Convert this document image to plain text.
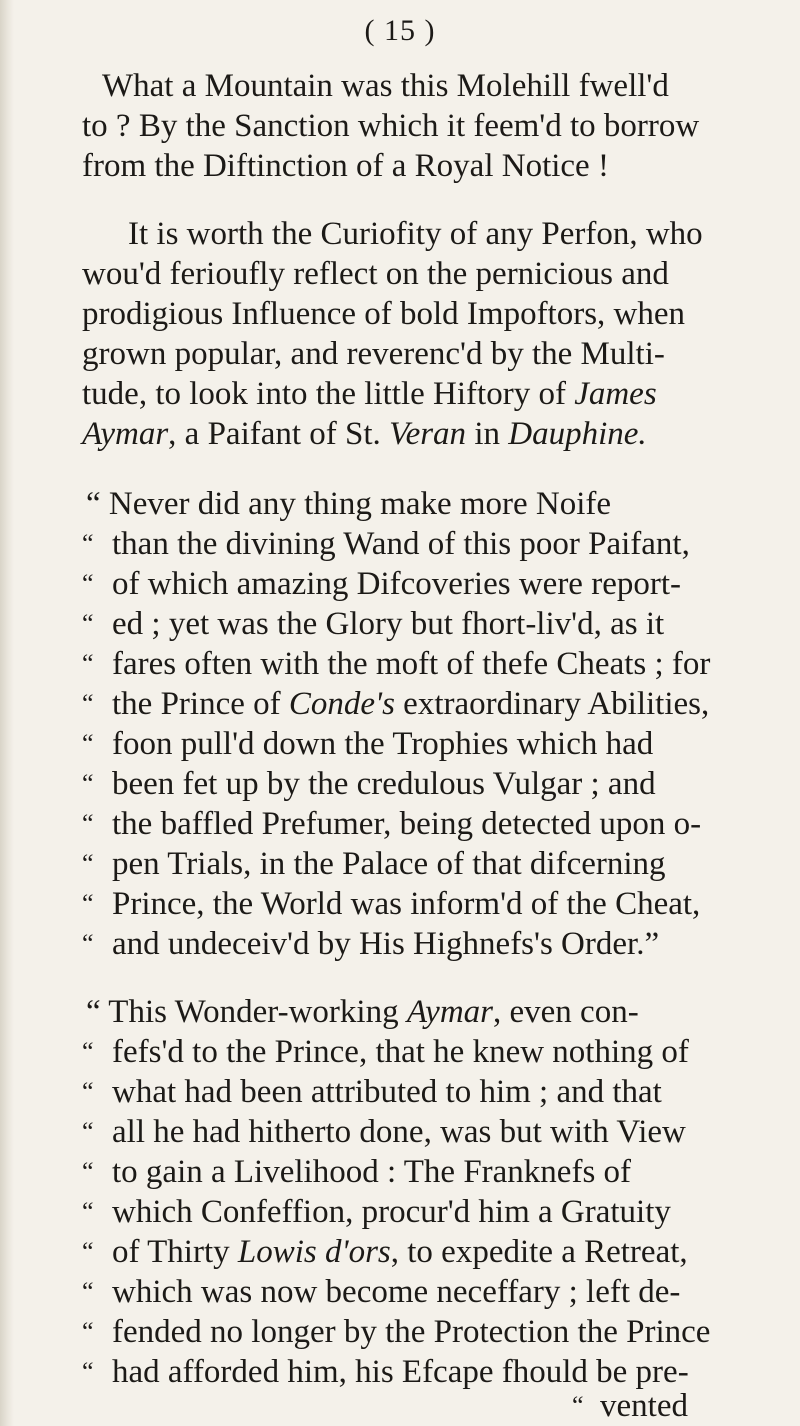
( 15 )
What a Mountain was this Molehill fwell'd
to ? By the Sanction which it feem'd to borrow
from the Diftinction of a Royal Notice !
It is worth the Curiofity of any Perfon, who
wou'd ferioufly reflect on the pernicious and
prodigious Influence of bold Impoftors, when
grown popular, and reverenc'd by the Multi-
tude, to look into the little Hiftory of James
Aymar, a Paifant of St. Veran in Dauphine.
“ Never did any thing make more Noife
“ than the divining Wand of this poor Paifant,
“ of which amazing Difcoveries were report-
“ ed ; yet was the Glory but fhort-liv'd, as it
“ fares often with the moft of thefe Cheats ; for
“ the Prince of Conde's extraordinary Abilities,
“ foon pull'd down the Trophies which had
“ been fet up by the credulous Vulgar ; and
“ the baffled Prefumer, being detected upon o-
“ pen Trials, in the Palace of that difcerning
“ Prince, the World was inform'd of the Cheat,
“ and undeceiv'd by His Highnefs's Order.”
“ This Wonder-working Aymar, even con-
“ fefs'd to the Prince, that he knew nothing of
“ what had been attributed to him ; and that
“ all he had hitherto done, was but with View
“ to gain a Livelihood : The Franknefs of
“ which Confeffion, procur'd him a Gratuity
“ of Thirty Lowis d'ors, to expedite a Retreat,
“ which was now become neceffary ; left de-
“ fended no longer by the Protection the Prince
“ had afforded him, his Efcape fhould be pre-
“ vented
